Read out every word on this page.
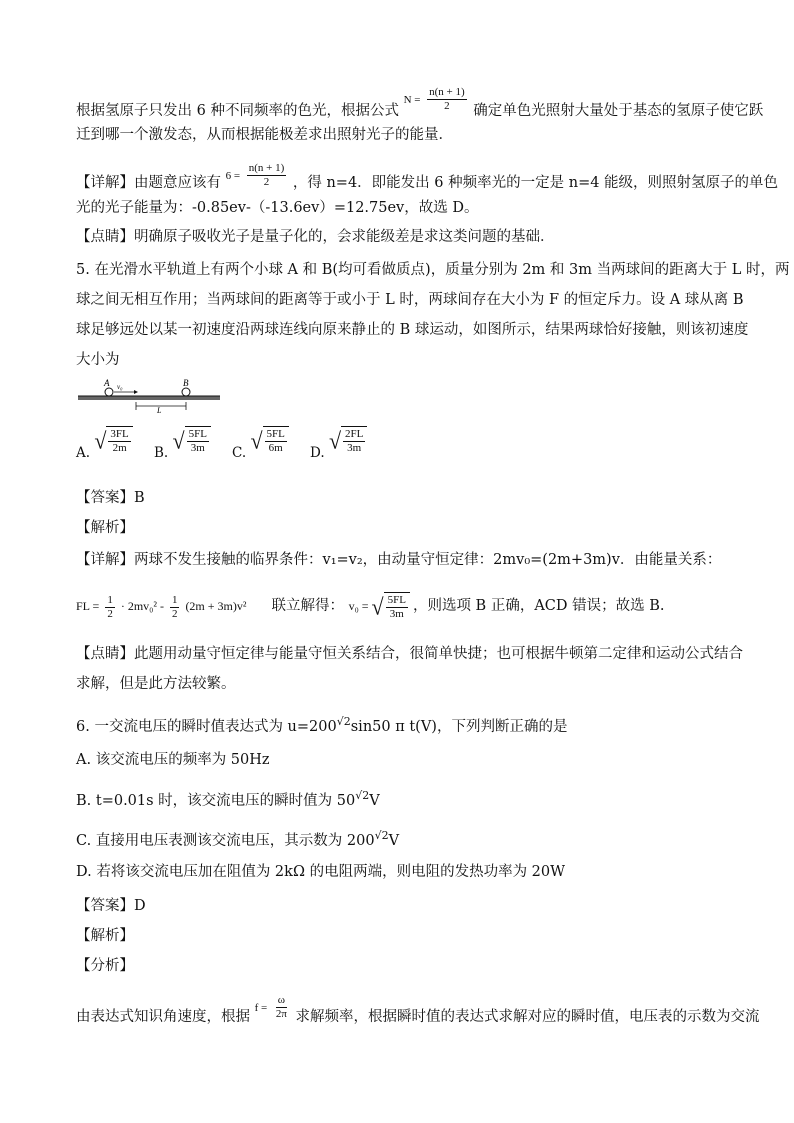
根据氢原子只发出 6 种不同频率的色光，根据公式 $N = \frac{n(n + 1)}{2}$ 确定单色光照射大量处于基态的氢原子使它跃
迁到哪一个激发态，从而根据能极差求出照射光子的能量．
【详解】由题意应该有 $6 = \frac{n(n + 1)}{2}$ ，得 n=4．即能发出 6 种频率光的一定是 n=4 能级，则照射氢原子的单色
光的光子能量为：-0.85ev-（-13.6ev）=12.75ev，故选 D。
【点睛】明确原子吸收光子是量子化的，会求能级差是求这类问题的基础．
5. 在光滑水平轨道上有两个小球 A 和 B(均可看做质点)，质量分别为 2m 和 3m 当两球间的距离大于 L 时，两
球之间无相互作用；当两球间的距离等于或小于 L 时，两球间存在大小为 F 的恒定斥力。设 A 球从离 B
球足够远处以某一初速度沿两球连线向原来静止的 B 球运动，如图所示，结果两球恰好接触，则该初速度
大小为
A	B
v₀
L
A. √ $\frac{3FL}{2m} B$. √ $\frac{5FL}{3m} C$. √ $\frac{5FL}{6m} D$. √ $\frac{2FL}{3m}$
【答案】B
【解析】
【详解】两球不发生接触的临界条件：v₁=v₂，由动量守恒定律：2mv₀=(2m+3m)v．由能量关系：
FL = $\frac{1}{2} \cdot 2mv_0^2 - \frac{1}{2} (2m + 3m)v^2$ 联立解得： v₀ = √ $\frac{5FL}{3m}$ ，则选项 B 正确，ACD 错误；故选 B.
【点睛】此题用动量守恒定律与能量守恒关系结合，很简单快捷；也可根据牛顿第二定律和运动公式结合
求解，但是此方法较繁。
6. 一交流电压的瞬时值表达式为 $u=200^{√2}\sin 50$ π t(V)，下列判断正确的是
A. 该交流电压的频率为 50Hz
B. t=0.01s 时，该交流电压的瞬时值为 $50^{√2}V$
C. 直接用电压表测该交流电压，其示数为 $200^{√2}V$
D. 若将该交流电压加在阻值为 2kΩ 的电阻两端，则电阻的发热功率为 20W
【答案】D
【解析】
【分析】
由表达式知识角速度，根据 $f = \frac{\omega}{2\pi}$ 求解频率，根据瞬时值的表达式求解对应的瞬时值，电压表的示数为交流
